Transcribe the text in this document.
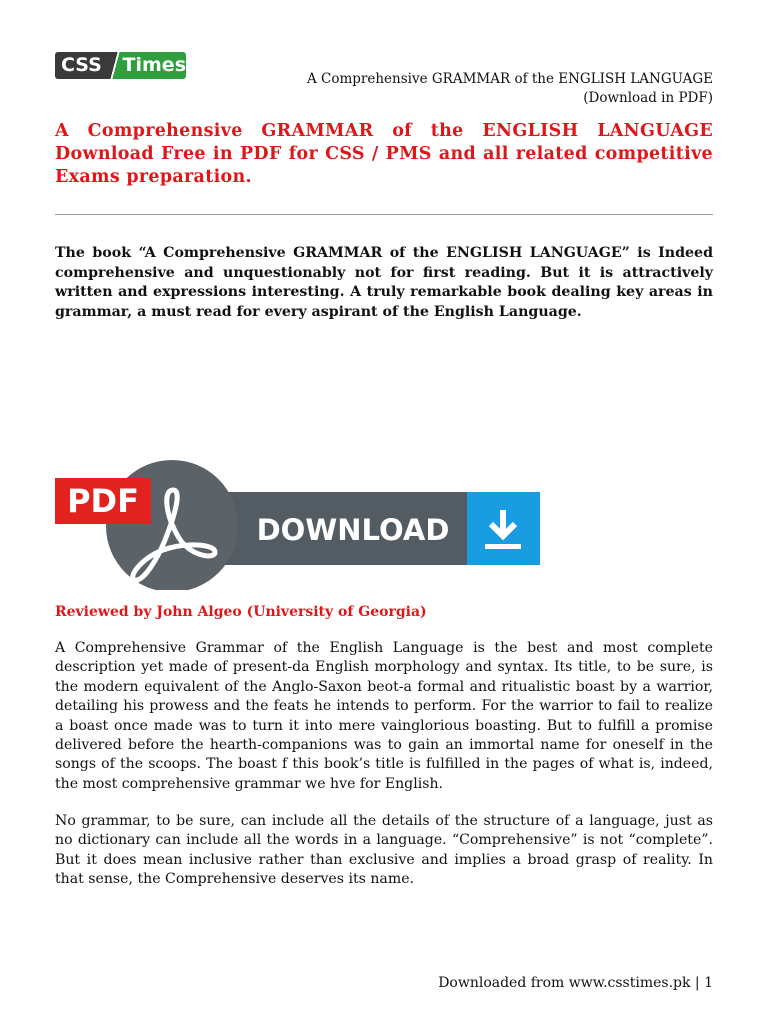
CSS	Times
A Comprehensive GRAMMAR of the ENGLISH LANGUAGE
(Download in PDF)
A Comprehensive GRAMMAR of the ENGLISH LANGUAGE Download Free in PDF for CSS / PMS and all related competitive Exams preparation.
The book “A Comprehensive GRAMMAR of the ENGLISH LANGUAGE” is Indeed comprehensive and unquestionably not for first reading. But it is attractively written and expressions interesting. A truly remarkable book dealing key areas in grammar, a must read for every aspirant of the English Language.
PDF
DOWNLOAD
Reviewed by John Algeo (University of Georgia)
A Comprehensive Grammar of the English Language is the best and most complete description yet made of present-da English morphology and syntax. Its title, to be sure, is the modern equivalent of the Anglo-Saxon beot-a formal and ritualistic boast by a warrior, detailing his prowess and the feats he intends to perform. For the warrior to fail to realize a boast once made was to turn it into mere vainglorious boasting. But to fulfill a promise delivered before the hearth-companions was to gain an immortal name for oneself in the songs of the scoops. The boast f this book’s title is fulfilled in the pages of what is, indeed, the most comprehensive grammar we hve for English.
No grammar, to be sure, can include all the details of the structure of a language, just as no dictionary can include all the words in a language. “Comprehensive” is not “complete”. But it does mean inclusive rather than exclusive and implies a broad grasp of reality. In that sense, the Comprehensive deserves its name.
Downloaded from www.csstimes.pk | 1
